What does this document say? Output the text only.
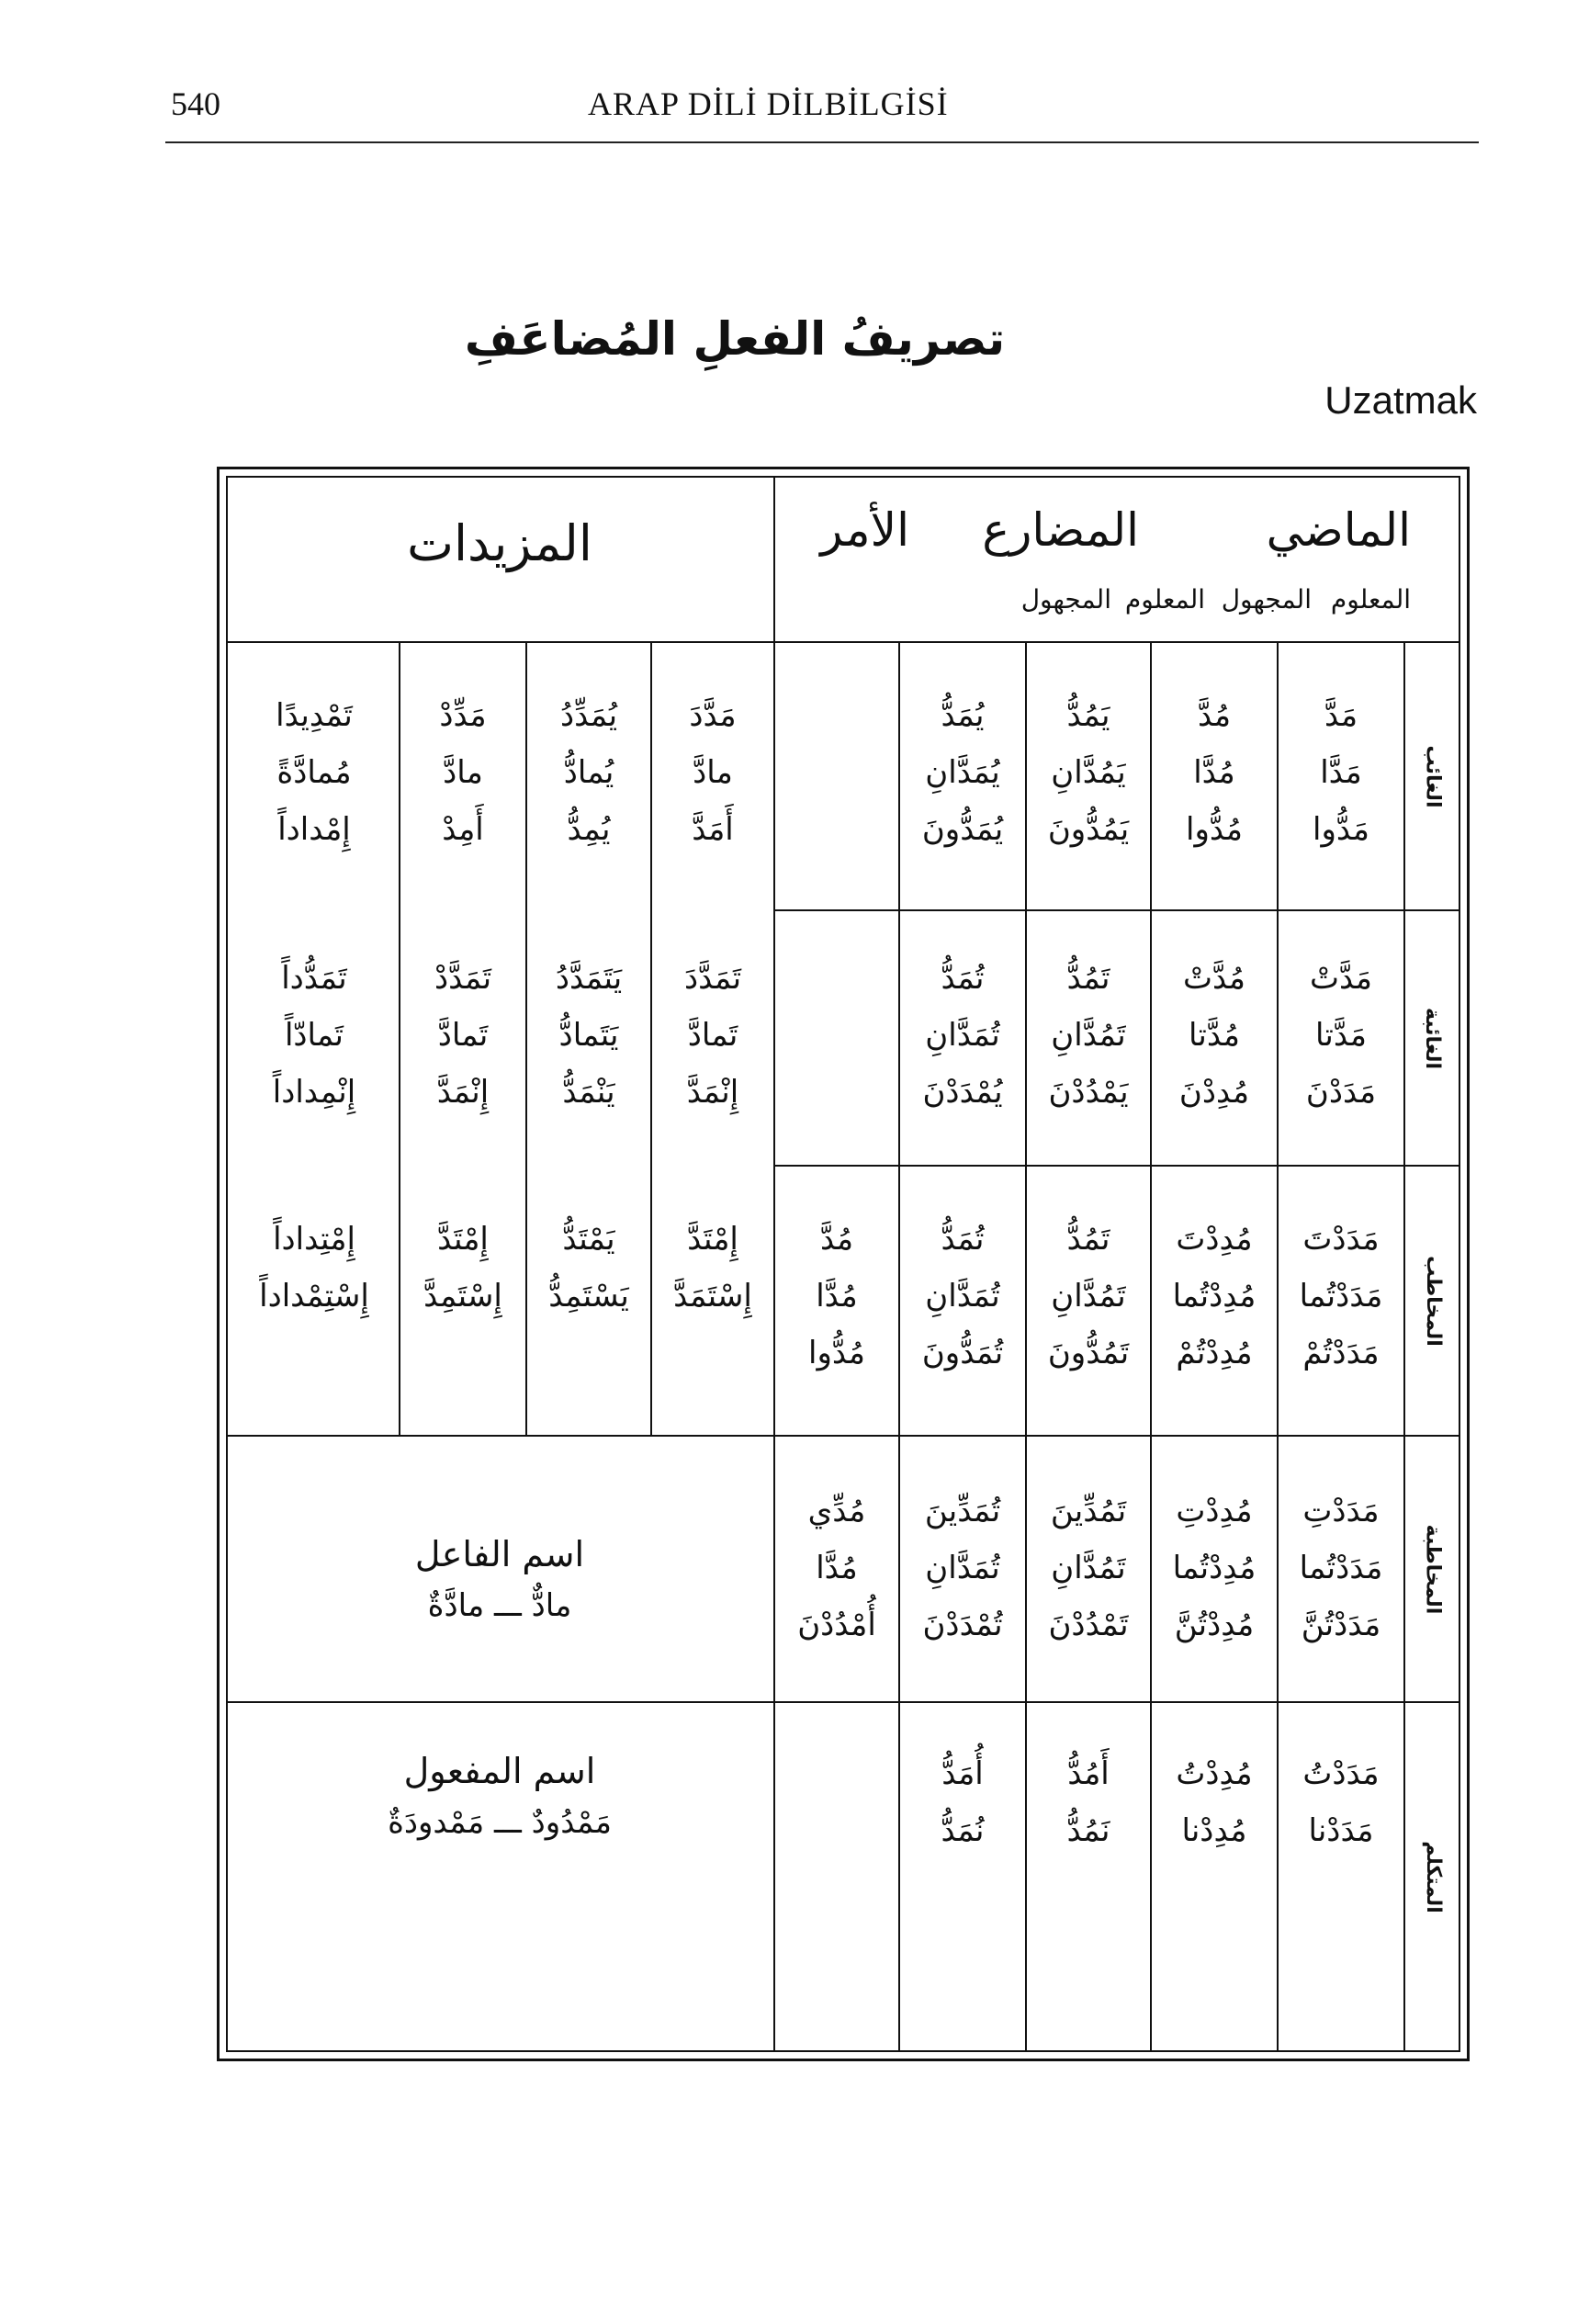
540	ARAP DİLİ DİLBİLGİSİ
تصريفُ الفعلِ المُضاعَفِ
Uzatmak
المزيدات	الماضي
المضارع
الأمر
المعلوم
المجهول
المعلوم
المجهول
الغائب
مَدَّ
مَدَّا
مَدُّوا
مُدَّ
مُدَّا
مُدُّوا
يَمُدُّ
يَمُدَّانِ
يَمُدُّونَ
يُمَدُّ
يُمَدَّانِ
يُمَدُّونَ
مَدَّدَ
مادَّ
أَمَدَّ
يُمَدِّدُ
يُمادُّ
يُمِدُّ
مَدِّدْ
مادَّ
أَمِدْ
تَمْدِيدًا
مُمادَّةً
إِمْداداً
الغائبة
مَدَّتْ
مَدَّتا
مَدَدْنَ
مُدَّتْ
مُدَّتا
مُدِدْنَ
تَمُدُّ
تَمُدَّانِ
يَمْدُدْنَ
تُمَدُّ
تُمَدَّانِ
يُمْدَدْنَ
تَمَدَّدَ
تَمادَّ
إِنْمَدَّ
يَتَمَدَّدُ
يَتَمادُّ
يَنْمَدُّ
تَمَدَّدْ
تَمادَّ
إِنْمَدَّ
تَمَدُّداً
تَمادّاً
إِنْمِداداً
المخاطب
مَدَدْتَ
مَدَدْتُما
مَدَدْتُمْ
مُدِدْتَ
مُدِدْتُما
مُدِدْتُمْ
تَمُدُّ
تَمُدَّانِ
تَمُدُّونَ
تُمَدُّ
تُمَدَّانِ
تُمَدُّونَ
مُدَّ
مُدَّا
مُدُّوا
إِمْتَدَّ
إِسْتَمَدَّ
يَمْتَدُّ
يَسْتَمِدُّ
إِمْتَدَّ
إِسْتَمِدَّ
إِمْتِداداً
إِسْتِمْداداً
المخاطبة
مَدَدْتِ
مَدَدْتُما
مَدَدْتُنَّ
مُدِدْتِ
مُدِدْتُما
مُدِدْتُنَّ
تَمُدِّينَ
تَمُدَّانِ
تَمْدُدْنَ
تُمَدِّينَ
تُمَدَّانِ
تُمْدَدْنَ
مُدِّي
مُدَّا
أُمْدُدْنَ
اسم الفاعل
مادٌّ ـــ مادَّةٌ
المتكلم
مَدَدْتُ
مَدَدْنا
مُدِدْتُ
مُدِدْنا
أَمُدُّ
نَمُدُّ
أُمَدُّ
نُمَدُّ
اسم المفعول
مَمْدُودٌ ـــ مَمْدودَةٌ
